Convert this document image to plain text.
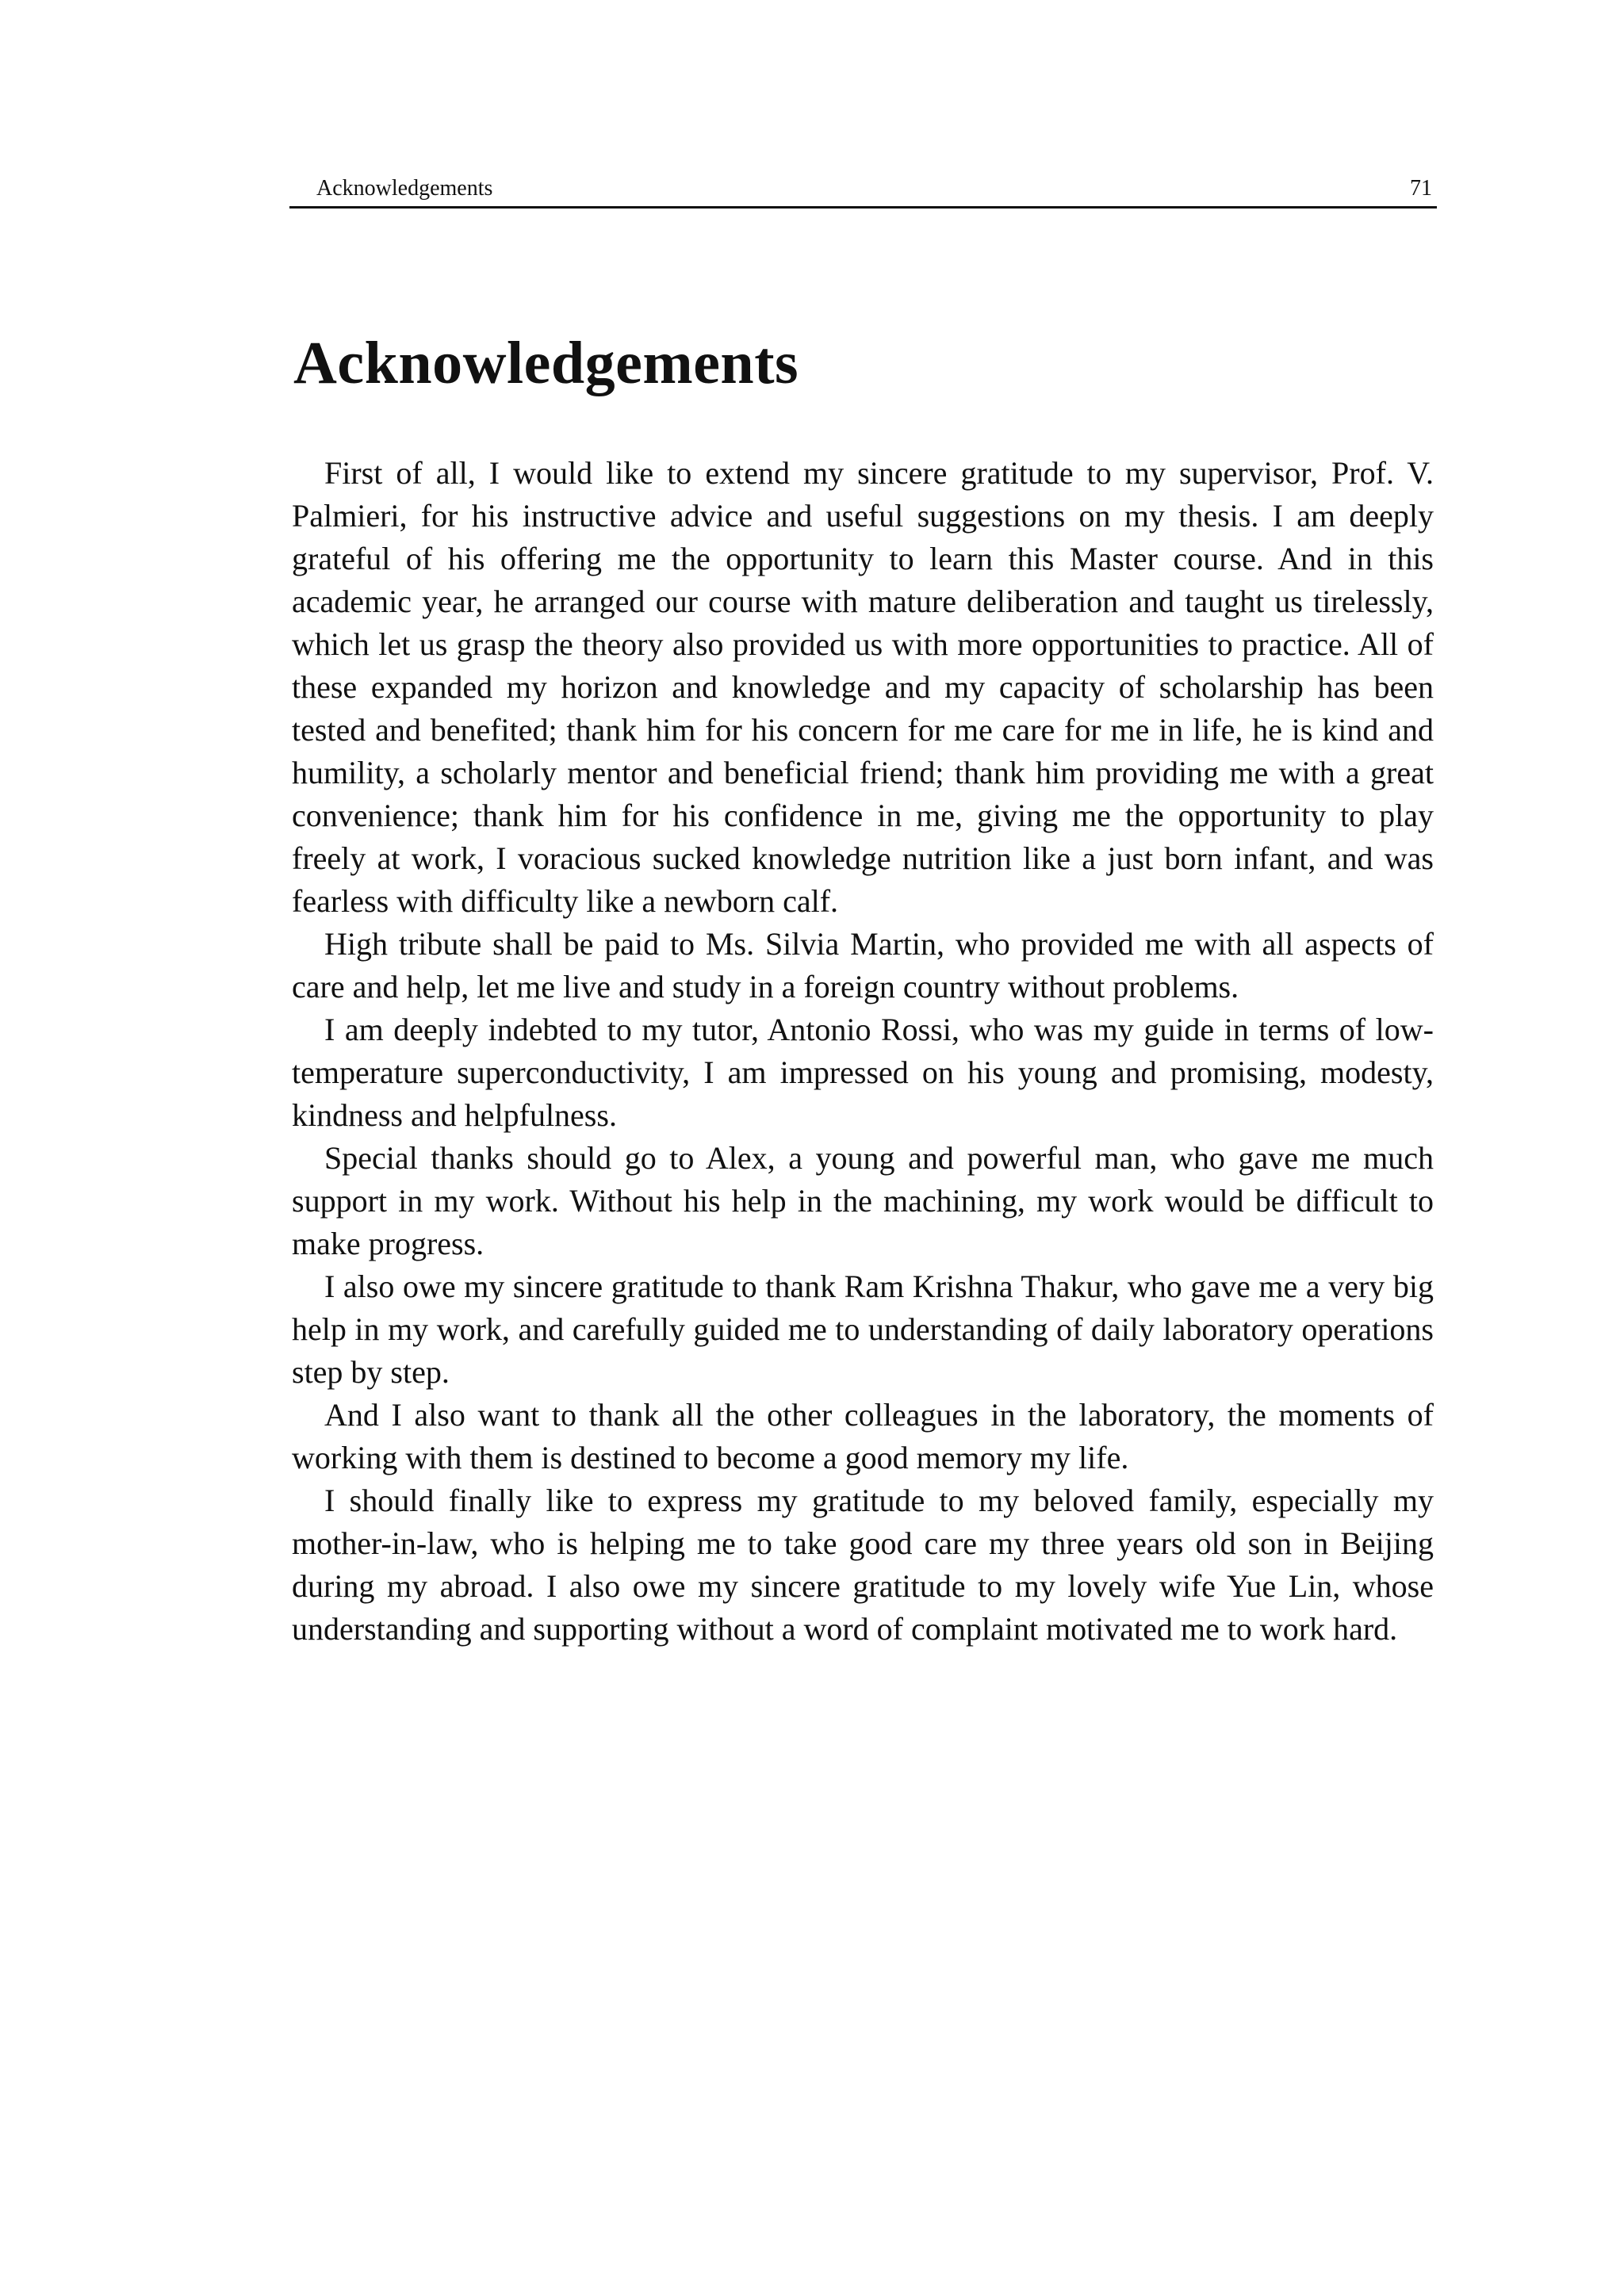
Acknowledgements	71
Acknowledgements

First of all, I would like to extend my sincere gratitude to my supervisor, Prof. V. Palmieri, for his instructive advice and useful suggestions on my thesis. I am deeply grateful of his offering me the opportunity to learn this Master course. And in this academic year, he arranged our course with mature deliberation and taught us tirelessly, which let us grasp the theory also provided us with more opportunities to practice. All of these expanded my horizon and knowledge and my capacity of scholarship has been tested and benefited; thank him for his concern for me care for me in life, he is kind and humility, a scholarly mentor and beneficial friend; thank him providing me with a great convenience; thank him for his confidence in me, giving me the opportunity to play freely at work, I voracious sucked knowledge nutrition like a just born infant, and was fearless with difficulty like a newborn calf.

High tribute shall be paid to Ms. Silvia Martin, who provided me with all aspects of care and help, let me live and study in a foreign country without problems.

I am deeply indebted to my tutor, Antonio Rossi, who was my guide in terms of low-temperature superconductivity, I am impressed on his young and promising, modesty, kindness and helpfulness.

Special thanks should go to Alex, a young and powerful man, who gave me much support in my work. Without his help in the machining, my work would be difficult to make progress.

I also owe my sincere gratitude to thank Ram Krishna Thakur, who gave me a very big help in my work, and carefully guided me to understanding of daily laboratory operations step by step.

And I also want to thank all the other colleagues in the laboratory, the moments of working with them is destined to become a good memory my life.

I should finally like to express my gratitude to my beloved family, especially my mother-in-law, who is helping me to take good care my three years old son in Beijing during my abroad. I also owe my sincere gratitude to my lovely wife Yue Lin, whose understanding and supporting without a word of complaint motivated me to work hard.
